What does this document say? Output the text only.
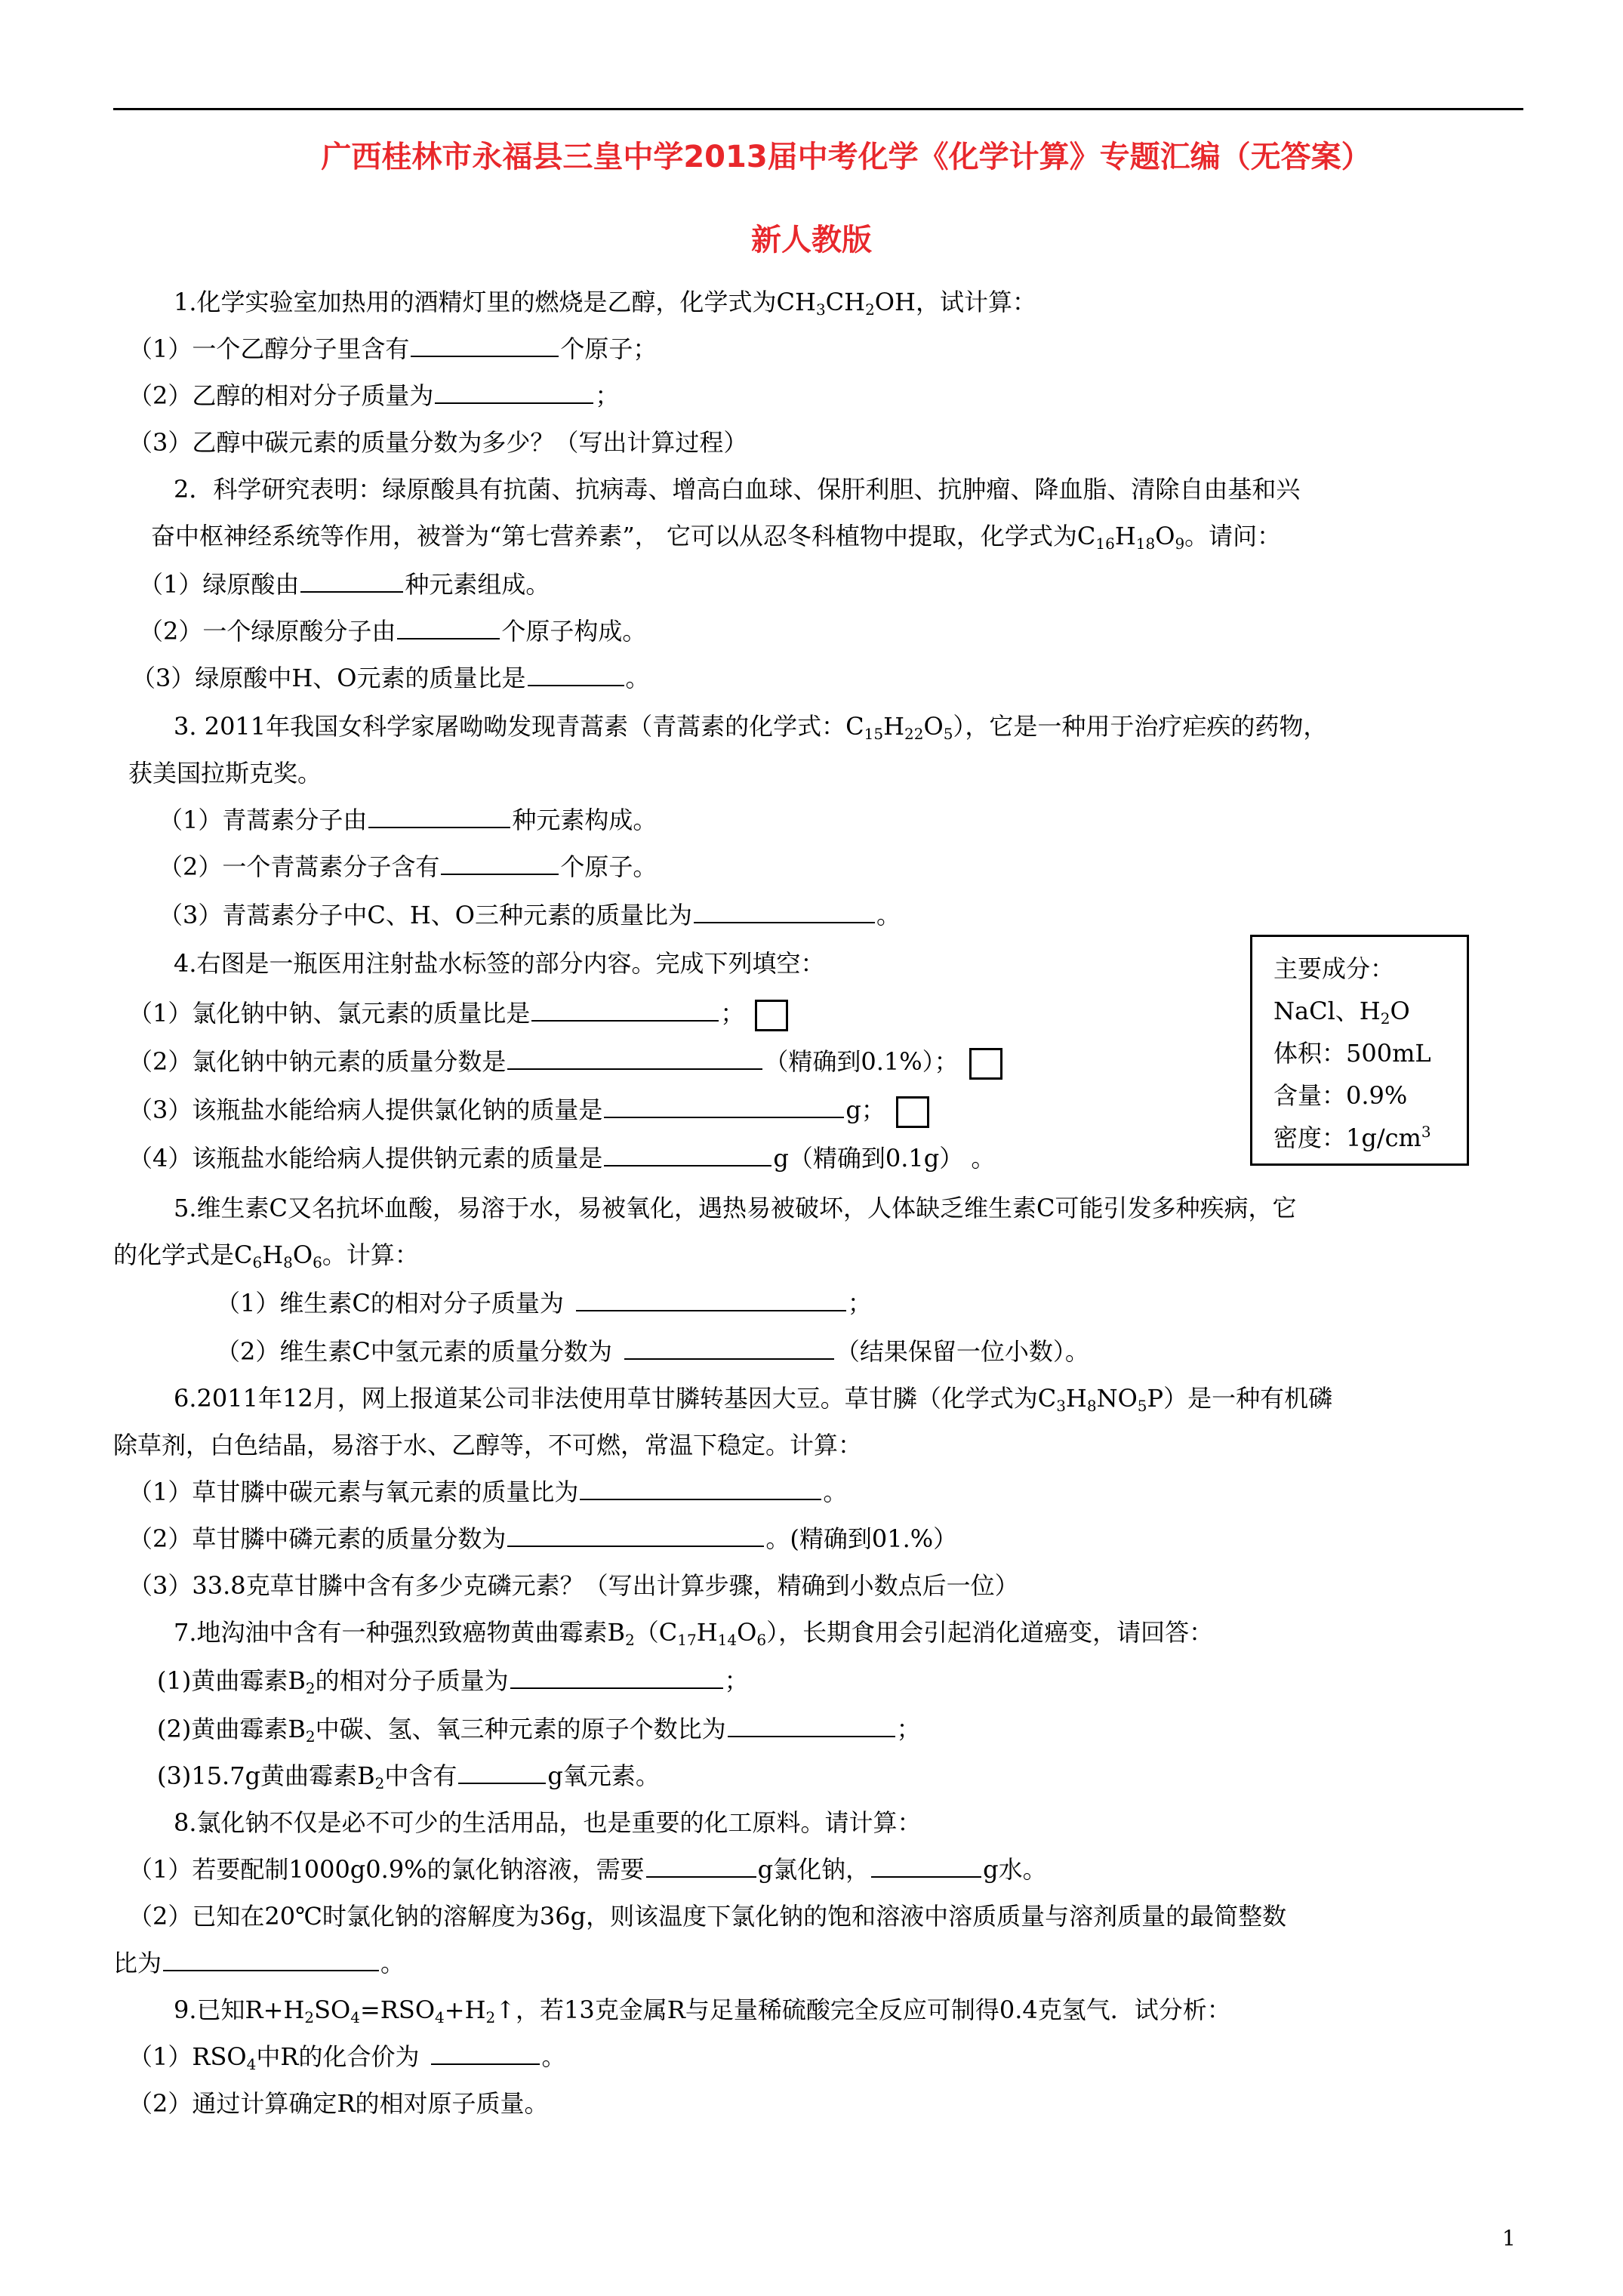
广西桂林市永福县三皇中学2013届中考化学《化学计算》专题汇编（无答案）
新人教版
1.化学实验室加热用的酒精灯里的燃烧是乙醇，化学式为$CH_3CH_2OH$，试计算：
（1）一个乙醇分子里含有	个原子；
（2）乙醇的相对分子质量为	；
（3）乙醇中碳元素的质量分数为多少？（写出计算过程）
2．科学研究表明：绿原酸具有抗菌、抗病毒、增高白血球、保肝利胆、抗肿瘤、降血脂、清除自由基和兴
奋中枢神经系统等作用，被誉为“第七营养素”， 它可以从忍冬科植物中提取，化学式为$C_{16}H_{18}O_9$。请问：
（1）绿原酸由	种元素组成。
（2）一个绿原酸分子由	个原子构成。
（3）绿原酸中H、O元素的质量比是	。
3. 2011年我国女科学家屠呦呦发现青蒿素（青蒿素的化学式：$C_{15}H_{22}O_5$），它是一种用于治疗疟疾的药物，
获美国拉斯克奖。
（1）青蒿素分子由	种元素构成。
（2）一个青蒿素分子含有	个原子。
（3）青蒿素分子中C、H、O三种元素的质量比为	。
4.右图是一瓶医用注射盐水标签的部分内容。完成下列填空：
（1）氯化钠中钠、氯元素的质量比是	；
（2）氯化钠中钠元素的质量分数是	（精确到0.1%）；
（3）该瓶盐水能给病人提供氯化钠的质量是	g；
（4）该瓶盐水能给病人提供钠元素的质量是	g（精确到0.1g） 。
主要成分：
NaCl、$H_2O$
体积：500mL
含量：0.9%
密度：$1g/cm^3$
5.维生素C又名抗坏血酸，易溶于水，易被氧化，遇热易被破坏，人体缺乏维生素C可能引发多种疾病，它
的化学式是$C_6H_8O_6$。计算：
（1）维生素C的相对分子质量为	；
（2）维生素C中氢元素的质量分数为	（结果保留一位小数）。
6.2011年12月，网上报道某公司非法使用草甘膦转基因大豆。草甘膦（化学式为$C_3H_8NO_5P$）是一种有机磷
除草剂，白色结晶，易溶于水、乙醇等，不可燃，常温下稳定。计算：
（1）草甘膦中碳元素与氧元素的质量比为	。
（2）草甘膦中磷元素的质量分数为	。(精确到01.%）
（3）33.8克草甘膦中含有多少克磷元素？（写出计算步骤，精确到小数点后一位）
7.地沟油中含有一种强烈致癌物黄曲霉素$B_2(C_{17}H_{14}O_6)$，长期食用会引起消化道癌变，请回答：
(1)黄曲霉素$B_2$的相对分子质量为	；
(2)黄曲霉素$B_2$中碳、氢、氧三种元素的原子个数比为	；
(3)15.7g黄曲霉素$B_2$中含有	g氧元素。
8.氯化钠不仅是必不可少的生活用品，也是重要的化工原料。请计算：
（1）若要配制1000g0.9%的氯化钠溶液，需要	g氯化钠，	g水。
（2）已知在20℃时氯化钠的溶解度为36g，则该温度下氯化钠的饱和溶液中溶质质量与溶剂质量的最简整数
比为	。
9.已知$R+H_2SO_4=RSO_4+H_2↑$，若13克金属R与足量稀硫酸完全反应可制得0.4克氢气．试分析：
$(1)RSO_4$中R的化合价为	。
（2）通过计算确定R的相对原子质量。
1
